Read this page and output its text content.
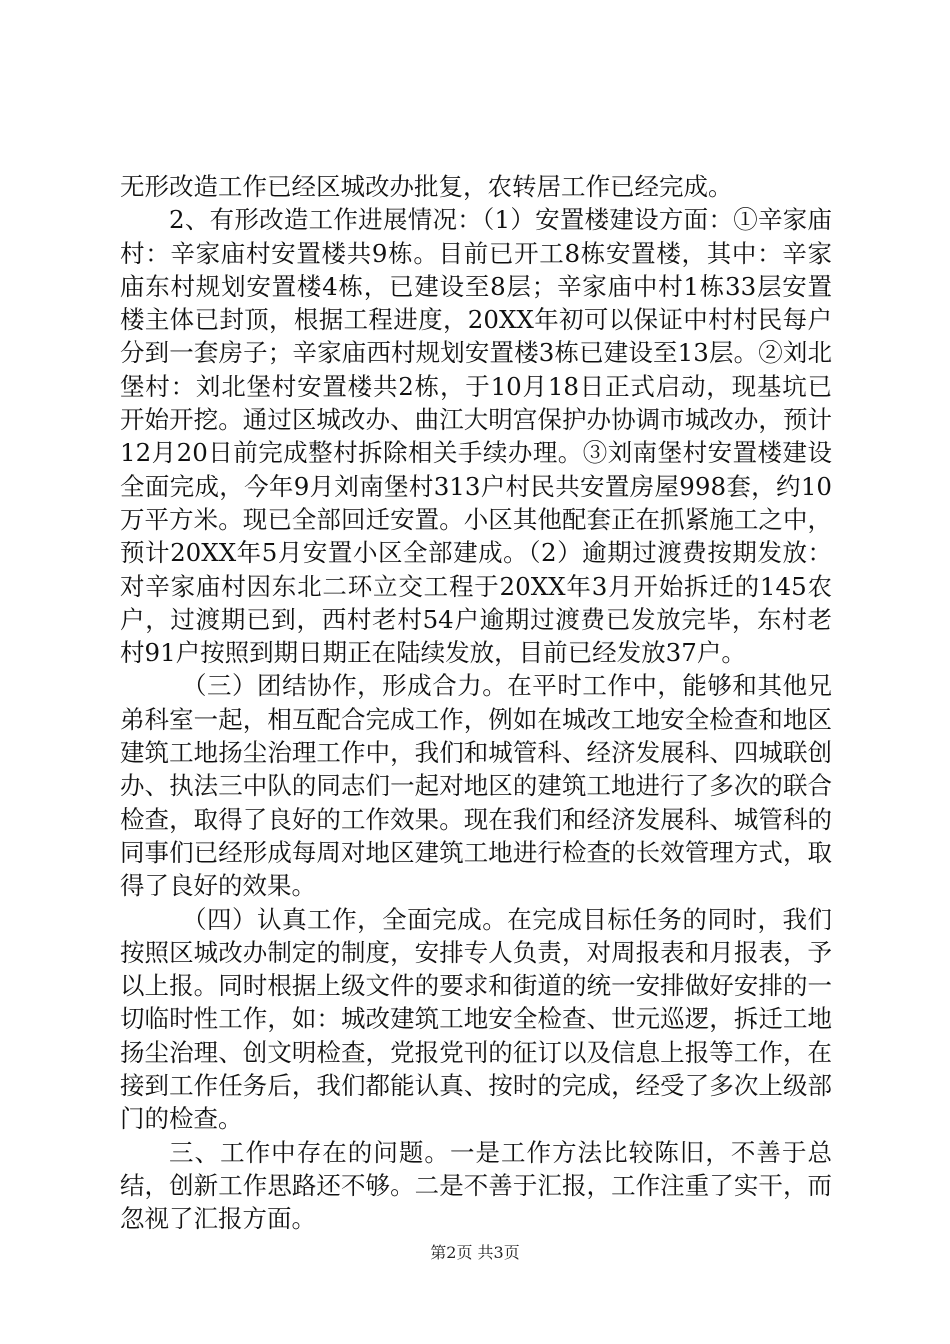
无形改造工作已经区城改办批复，农转居工作已经完成。

2、有形改造工作进展情况：（1）安置楼建设方面：①辛家庙村：辛家庙村安置楼共9栋。目前已开工8栋安置楼，其中：辛家庙东村规划安置楼4栋，已建设至8层；辛家庙中村1栋33层安置楼主体已封顶，根据工程进度，20XX年初可以保证中村村民每户分到一套房子；辛家庙西村规划安置楼3栋已建设至13层。②刘北堡村：刘北堡村安置楼共2栋，于10月18日正式启动，现基坑已开始开挖。通过区城改办、曲江大明宫保护办协调市城改办，预计12月20日前完成整村拆除相关手续办理。③刘南堡村安置楼建设全面完成，今年9月刘南堡村313户村民共安置房屋998套，约10万平方米。现已全部回迁安置。小区其他配套正在抓紧施工之中，预计20XX年5月安置小区全部建成。（2）逾期过渡费按期发放：对辛家庙村因东北二环立交工程于20XX年3月开始拆迁的145农户，过渡期已到，西村老村54户逾期过渡费已发放完毕，东村老村91户按照到期日期正在陆续发放，目前已经发放37户。

（三）团结协作，形成合力。在平时工作中，能够和其他兄弟科室一起，相互配合完成工作，例如在城改工地安全检查和地区建筑工地扬尘治理工作中，我们和城管科、经济发展科、四城联创办、执法三中队的同志们一起对地区的建筑工地进行了多次的联合检查，取得了良好的工作效果。现在我们和经济发展科、城管科的同事们已经形成每周对地区建筑工地进行检查的长效管理方式，取得了良好的效果。

（四）认真工作，全面完成。在完成目标任务的同时，我们按照区城改办制定的制度，安排专人负责，对周报表和月报表，予以上报。同时根据上级文件的要求和街道的统一安排做好安排的一切临时性工作，如：城改建筑工地安全检查、世元巡逻，拆迁工地扬尘治理、创文明检查，党报党刊的征订以及信息上报等工作，在接到工作任务后，我们都能认真、按时的完成，经受了多次上级部门的检查。

三、工作中存在的问题。一是工作方法比较陈旧，不善于总结，创新工作思路还不够。二是不善于汇报，工作注重了实干，而忽视了汇报方面。

第2页 共3页
